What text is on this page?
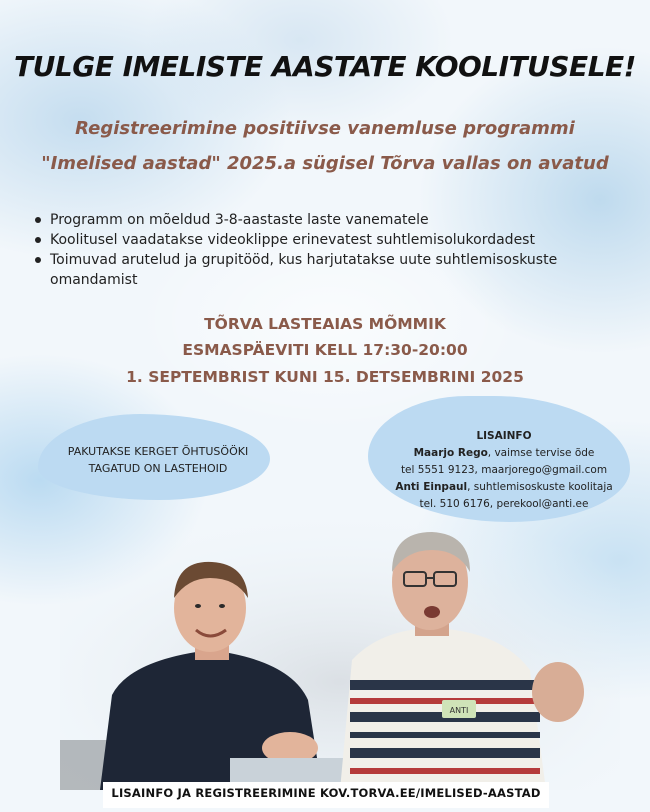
TULGE IMELISTE AASTATE KOOLITUSELE!
Registreerimine positiivse vanemluse programmi
"Imelised aastad" 2025.a sügisel Tõrva vallas on avatud
Programm on mõeldud 3-8-aastaste laste vanematele
Koolitusel vaadatakse videoklippe erinevatest suhtlemisolukordadest
Toimuvad arutelud ja grupitööd, kus harjutatakse uute suhtlemisoskuste omandamist
TÕRVA LASTEAIAS MÕMMIK
ESMASPÄEVITI KELL 17:30-20:00
1. SEPTEMBRIST KUNI 15. DETSEMBRINI 2025
PAKUTAKSE KERGET ÕHTUSÖÖKI
TAGATUD ON LASTEHOID
LISAINFO
Maarjo Rego, vaimse tervise õde
tel 5551 9123, maarjorego@gmail.com
Anti Einpaul, suhtlemisoskuste koolitaja
tel. 510 6176, perekool@anti.ee
ANTI
LISAINFO JA REGISTREERIMINE KOV.TORVA.EE/IMELISED-AASTAD
